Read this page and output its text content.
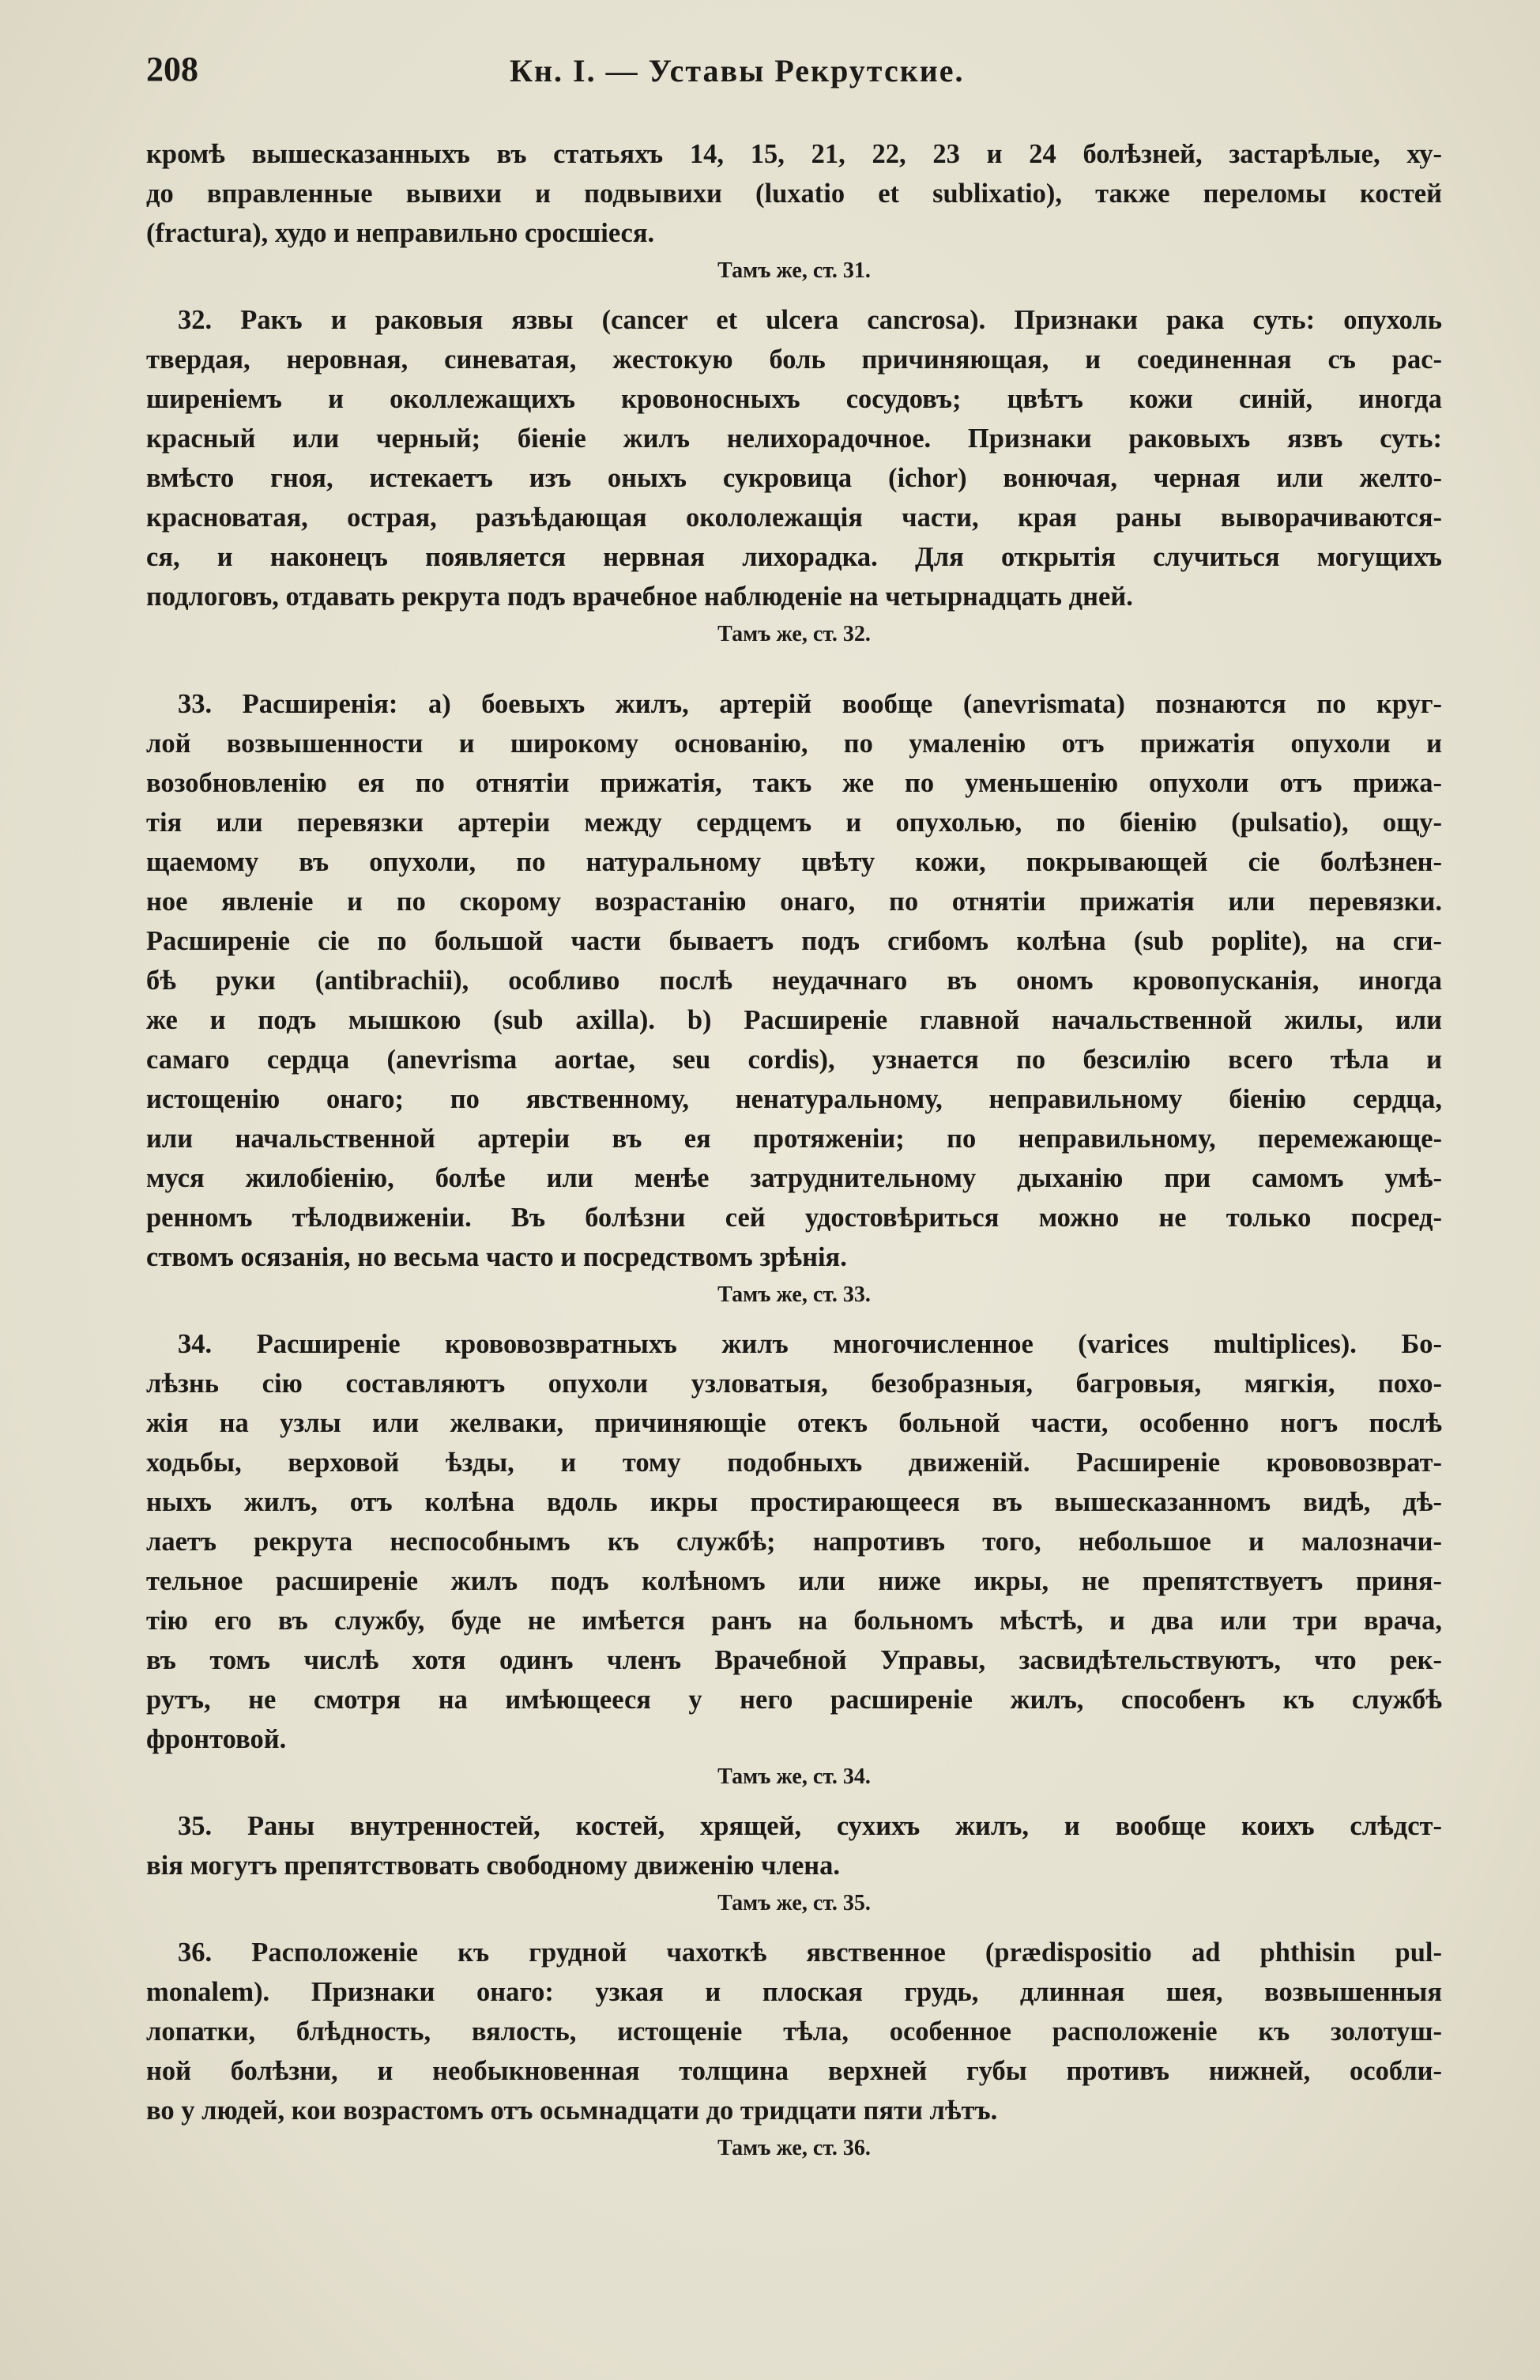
208	Кн. I. — Уставы Рекрутские.
кромѣ вышесказанныхъ въ статьяхъ 14, 15, 21, 22, 23 и 24 болѣзней, застарѣлые, ху-
до вправленные вывихи и подвывихи (luxatio et sublixatio), также переломы костей
(fractura), худо и неправильно сросшіеся.
Тамъ же, ст. 31.
32. Ракъ и раковыя язвы (cancer et ulcera cancrosa). Признаки рака суть: опухоль
твердая, неровная, синеватая, жестокую боль причиняющая, и соединенная съ рас-
ширеніемъ и околлежащихъ кровоносныхъ сосудовъ; цвѣтъ кожи синій, иногда
красный или черный; біеніе жилъ нелихорадочное. Признаки раковыхъ язвъ суть:
вмѣсто гноя, истекаетъ изъ оныхъ сукровица (ichor) вонючая, черная или желто-
красноватая, острая, разъѣдающая окололежащія части, края раны выворачиваются-
ся, и наконецъ появляется нервная лихорадка. Для открытія случиться могущихъ
подлоговъ, отдавать рекрута подъ врачебное наблюденіе на четырнадцать дней.
Тамъ же, ст. 32.
33. Расширенія: a) боевыхъ жилъ, артерій вообще (anevrismata) познаются по круг-
лой возвышенности и широкому основанію, по умаленію отъ прижатія опухоли и
возобновленію ея по отнятіи прижатія, такъ же по уменьшенію опухоли отъ прижа-
тія или перевязки артеріи между сердцемъ и опухолью, по біенію (pulsatio), ощу-
щаемому въ опухоли, по натуральному цвѣту кожи, покрывающей сіе болѣзнен-
ное явленіе и по скорому возрастанію онаго, по отнятіи прижатія или перевязки.
Расширеніе сіе по большой части бываетъ подъ сгибомъ колѣна (sub poplite), на сги-
бѣ руки (antibrachii), особливо послѣ неудачнаго въ ономъ кровопусканія, иногда
же и подъ мышкою (sub axilla). b) Расширеніе главной начальственной жилы, или
самаго сердца (anevrisma aortae, seu cordis), узнается по безсилію всего тѣла и
истощенію онаго; по явственному, ненатуральному, неправильному біенію сердца,
или начальственной артеріи въ ея протяженіи; по неправильному, перемежающе-
муся жилобіенію, болѣе или менѣе затруднительному дыханію при самомъ умѣ-
ренномъ тѣлодвиженіи. Въ болѣзни сей удостовѣриться можно не только посред-
ствомъ осязанія, но весьма часто и посредствомъ зрѣнія.
Тамъ же, ст. 33.
34. Расширеніе крововозвратныхъ жилъ многочисленное (varices multiplices). Бо-
лѣзнь сію составляютъ опухоли узловатыя, безобразныя, багровыя, мягкія, похо-
жія на узлы или желваки, причиняющіе отекъ больной части, особенно ногъ послѣ
ходьбы, верховой ѣзды, и тому подобныхъ движеній. Расширеніе крововозврат-
ныхъ жилъ, отъ колѣна вдоль икры простирающееся въ вышесказанномъ видѣ, дѣ-
лаетъ рекрута неспособнымъ къ службѣ; напротивъ того, небольшое и малозначи-
тельное расширеніе жилъ подъ колѣномъ или ниже икры, не препятствуетъ приня-
тію его въ службу, буде не имѣется ранъ на больномъ мѣстѣ, и два или три врача,
въ томъ числѣ хотя одинъ членъ Врачебной Управы, засвидѣтельствуютъ, что рек-
рутъ, не смотря на имѣющееся у него расширеніе жилъ, способенъ къ службѣ
фронтовой.
Тамъ же, ст. 34.
35. Раны внутренностей, костей, хрящей, сухихъ жилъ, и вообще коихъ слѣдст-
вія могутъ препятствовать свободному движенію члена.
Тамъ же, ст. 35.
36. Расположеніе къ грудной чахоткѣ явственное (prædispositio ad phthisin pul-
monalem). Признаки онаго: узкая и плоская грудь, длинная шея, возвышенныя
лопатки, блѣдность, вялость, истощеніе тѣла, особенное расположеніе къ золотуш-
ной болѣзни, и необыкновенная толщина верхней губы противъ нижней, особли-
во у людей, кои возрастомъ отъ осьмнадцати до тридцати пяти лѣтъ.
Тамъ же, ст. 36.
